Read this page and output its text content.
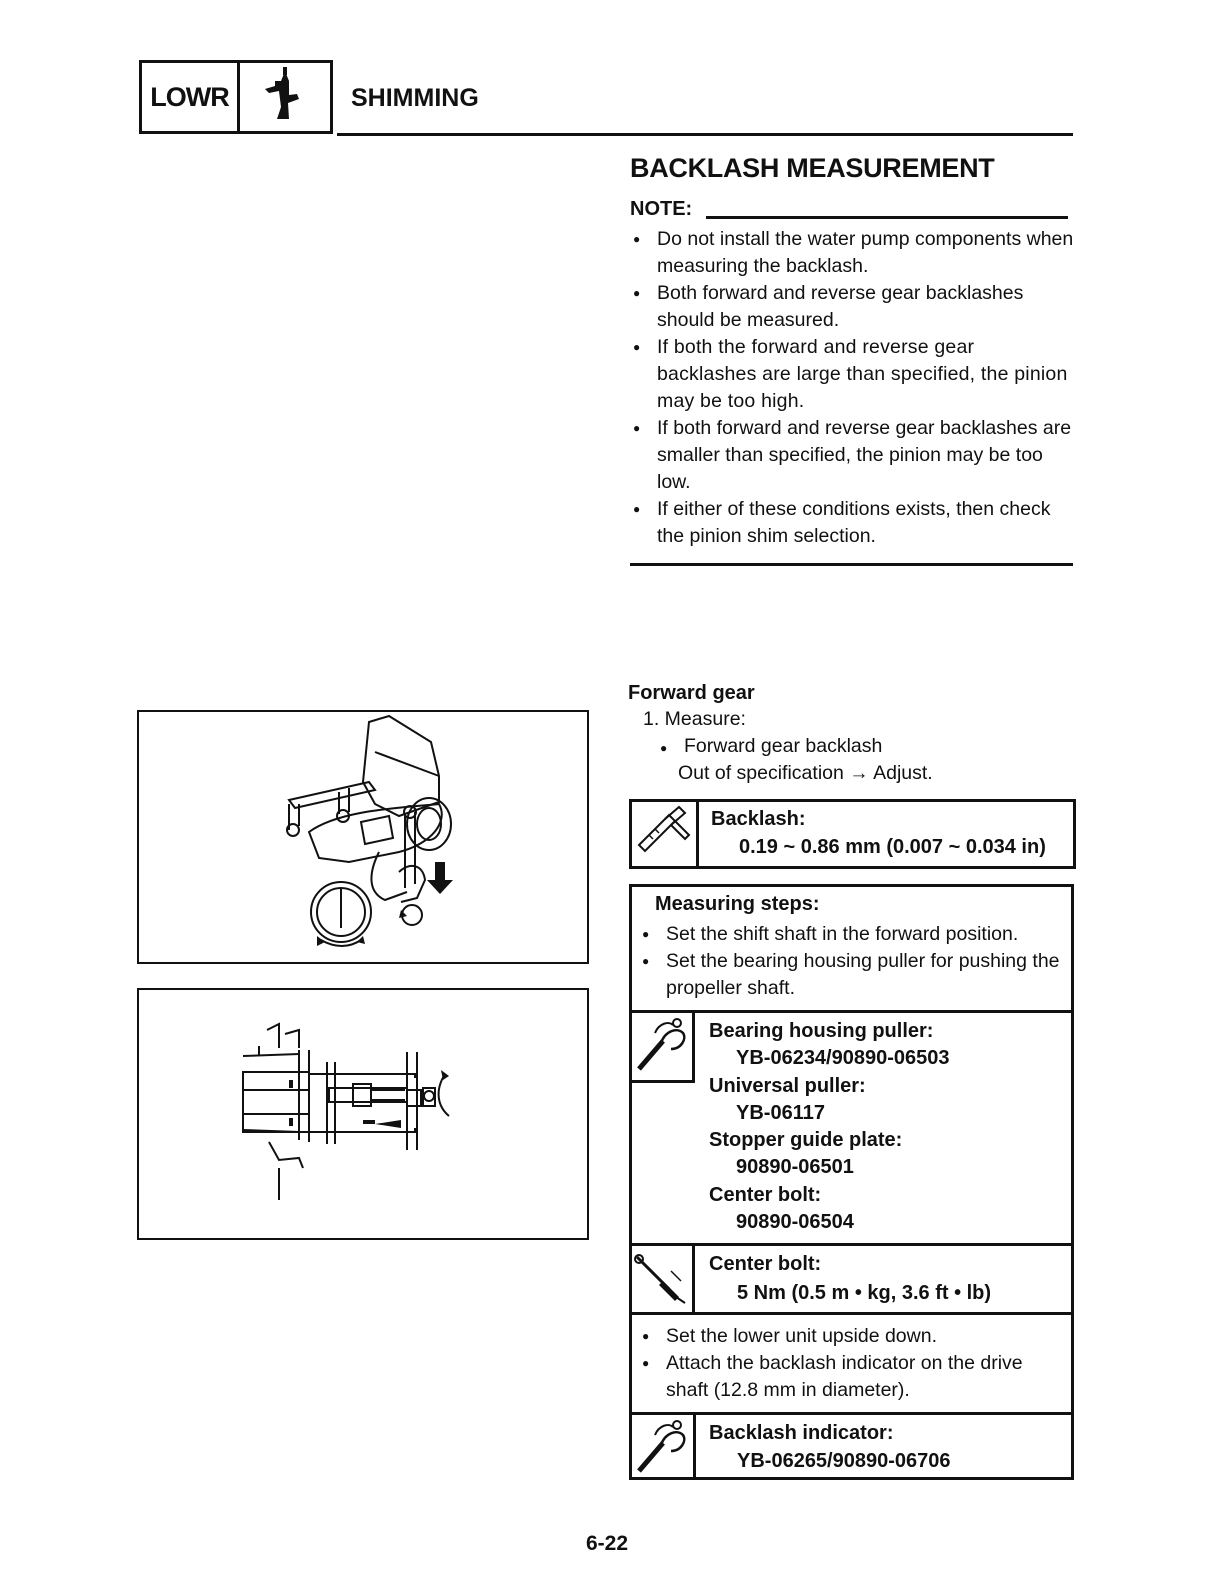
LOWR	SHIMMING
BACKLASH MEASUREMENT
NOTE:
● Do not install the water pump components when measuring the backlash.
● Both forward and reverse gear backlashes should be measured.
● If both the forward and reverse gear backlashes are large than specified, the pinion may be too high.
● If both forward and reverse gear backlashes are smaller than specified, the pinion may be too low.
● If either of these conditions exists, then check the pinion shim selection.
Forward gear
1. Measure:
● Forward gear backlash
Out of specification → Adjust.
Backlash:
0.19 ~ 0.86 mm (0.007 ~ 0.034 in)
Measuring steps:
● Set the shift shaft in the forward position.
● Set the bearing housing puller for pushing the propeller shaft.
Bearing housing puller:
YB-06234/90890-06503
Universal puller:
YB-06117
Stopper guide plate:
90890-06501
Center bolt:
90890-06504
Center bolt:
5 Nm (0.5 m • kg, 3.6 ft • lb)
● Set the lower unit upside down.
● Attach the backlash indicator on the drive shaft (12.8 mm in diameter).
Backlash indicator:
YB-06265/90890-06706
6-22
